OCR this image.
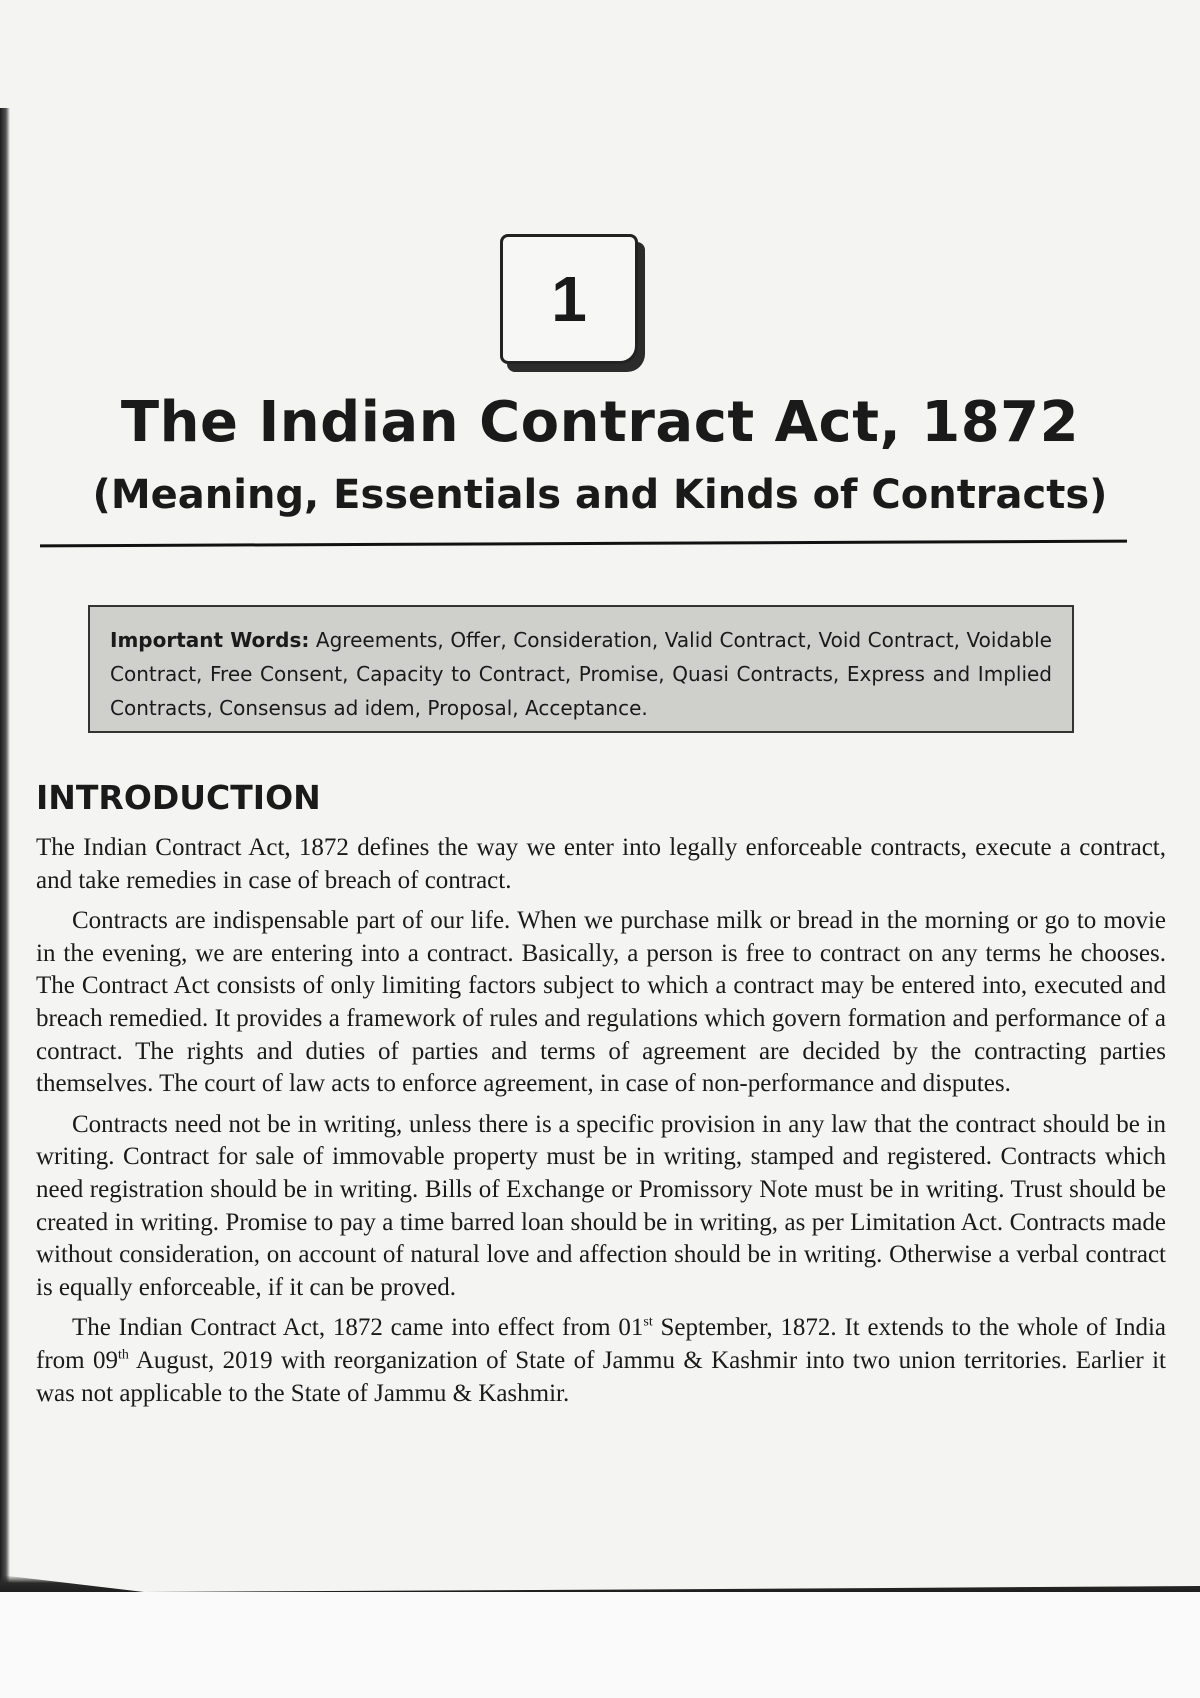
1
The Indian Contract Act, 1872
(Meaning, Essentials and Kinds of Contracts)
Important Words: Agreements, Offer, Consideration, Valid Contract, Void Contract, Voidable Contract, Free Consent, Capacity to Contract, Promise, Quasi Contracts, Express and Implied Contracts, Consensus ad idem, Proposal, Acceptance.
INTRODUCTION

The Indian Contract Act, 1872 defines the way we enter into legally enforceable contracts, execute a contract, and take remedies in case of breach of contract.

Contracts are indispensable part of our life. When we purchase milk or bread in the morning or go to movie in the evening, we are entering into a contract. Basically, a person is free to contract on any terms he chooses. The Contract Act consists of only limiting factors subject to which a contract may be entered into, executed and breach remedied. It provides a framework of rules and regulations which govern formation and performance of a contract. The rights and duties of parties and terms of agreement are decided by the contracting parties themselves. The court of law acts to enforce agreement, in case of non-performance and disputes.

Contracts need not be in writing, unless there is a specific provision in any law that the contract should be in writing. Contract for sale of immovable property must be in writing, stamped and registered. Contracts which need registration should be in writing. Bills of Exchange or Promissory Note must be in writing. Trust should be created in writing. Promise to pay a time barred loan should be in writing, as per Limitation Act. Contracts made without consideration, on account of natural love and affection should be in writing. Otherwise a verbal contract is equally enforceable, if it can be proved.

The Indian Contract Act, 1872 came into effect from 01st September, 1872. It extends to the whole of India from 09th August, 2019 with reorganization of State of Jammu & Kashmir into two union territories. Earlier it was not applicable to the State of Jammu & Kashmir.
